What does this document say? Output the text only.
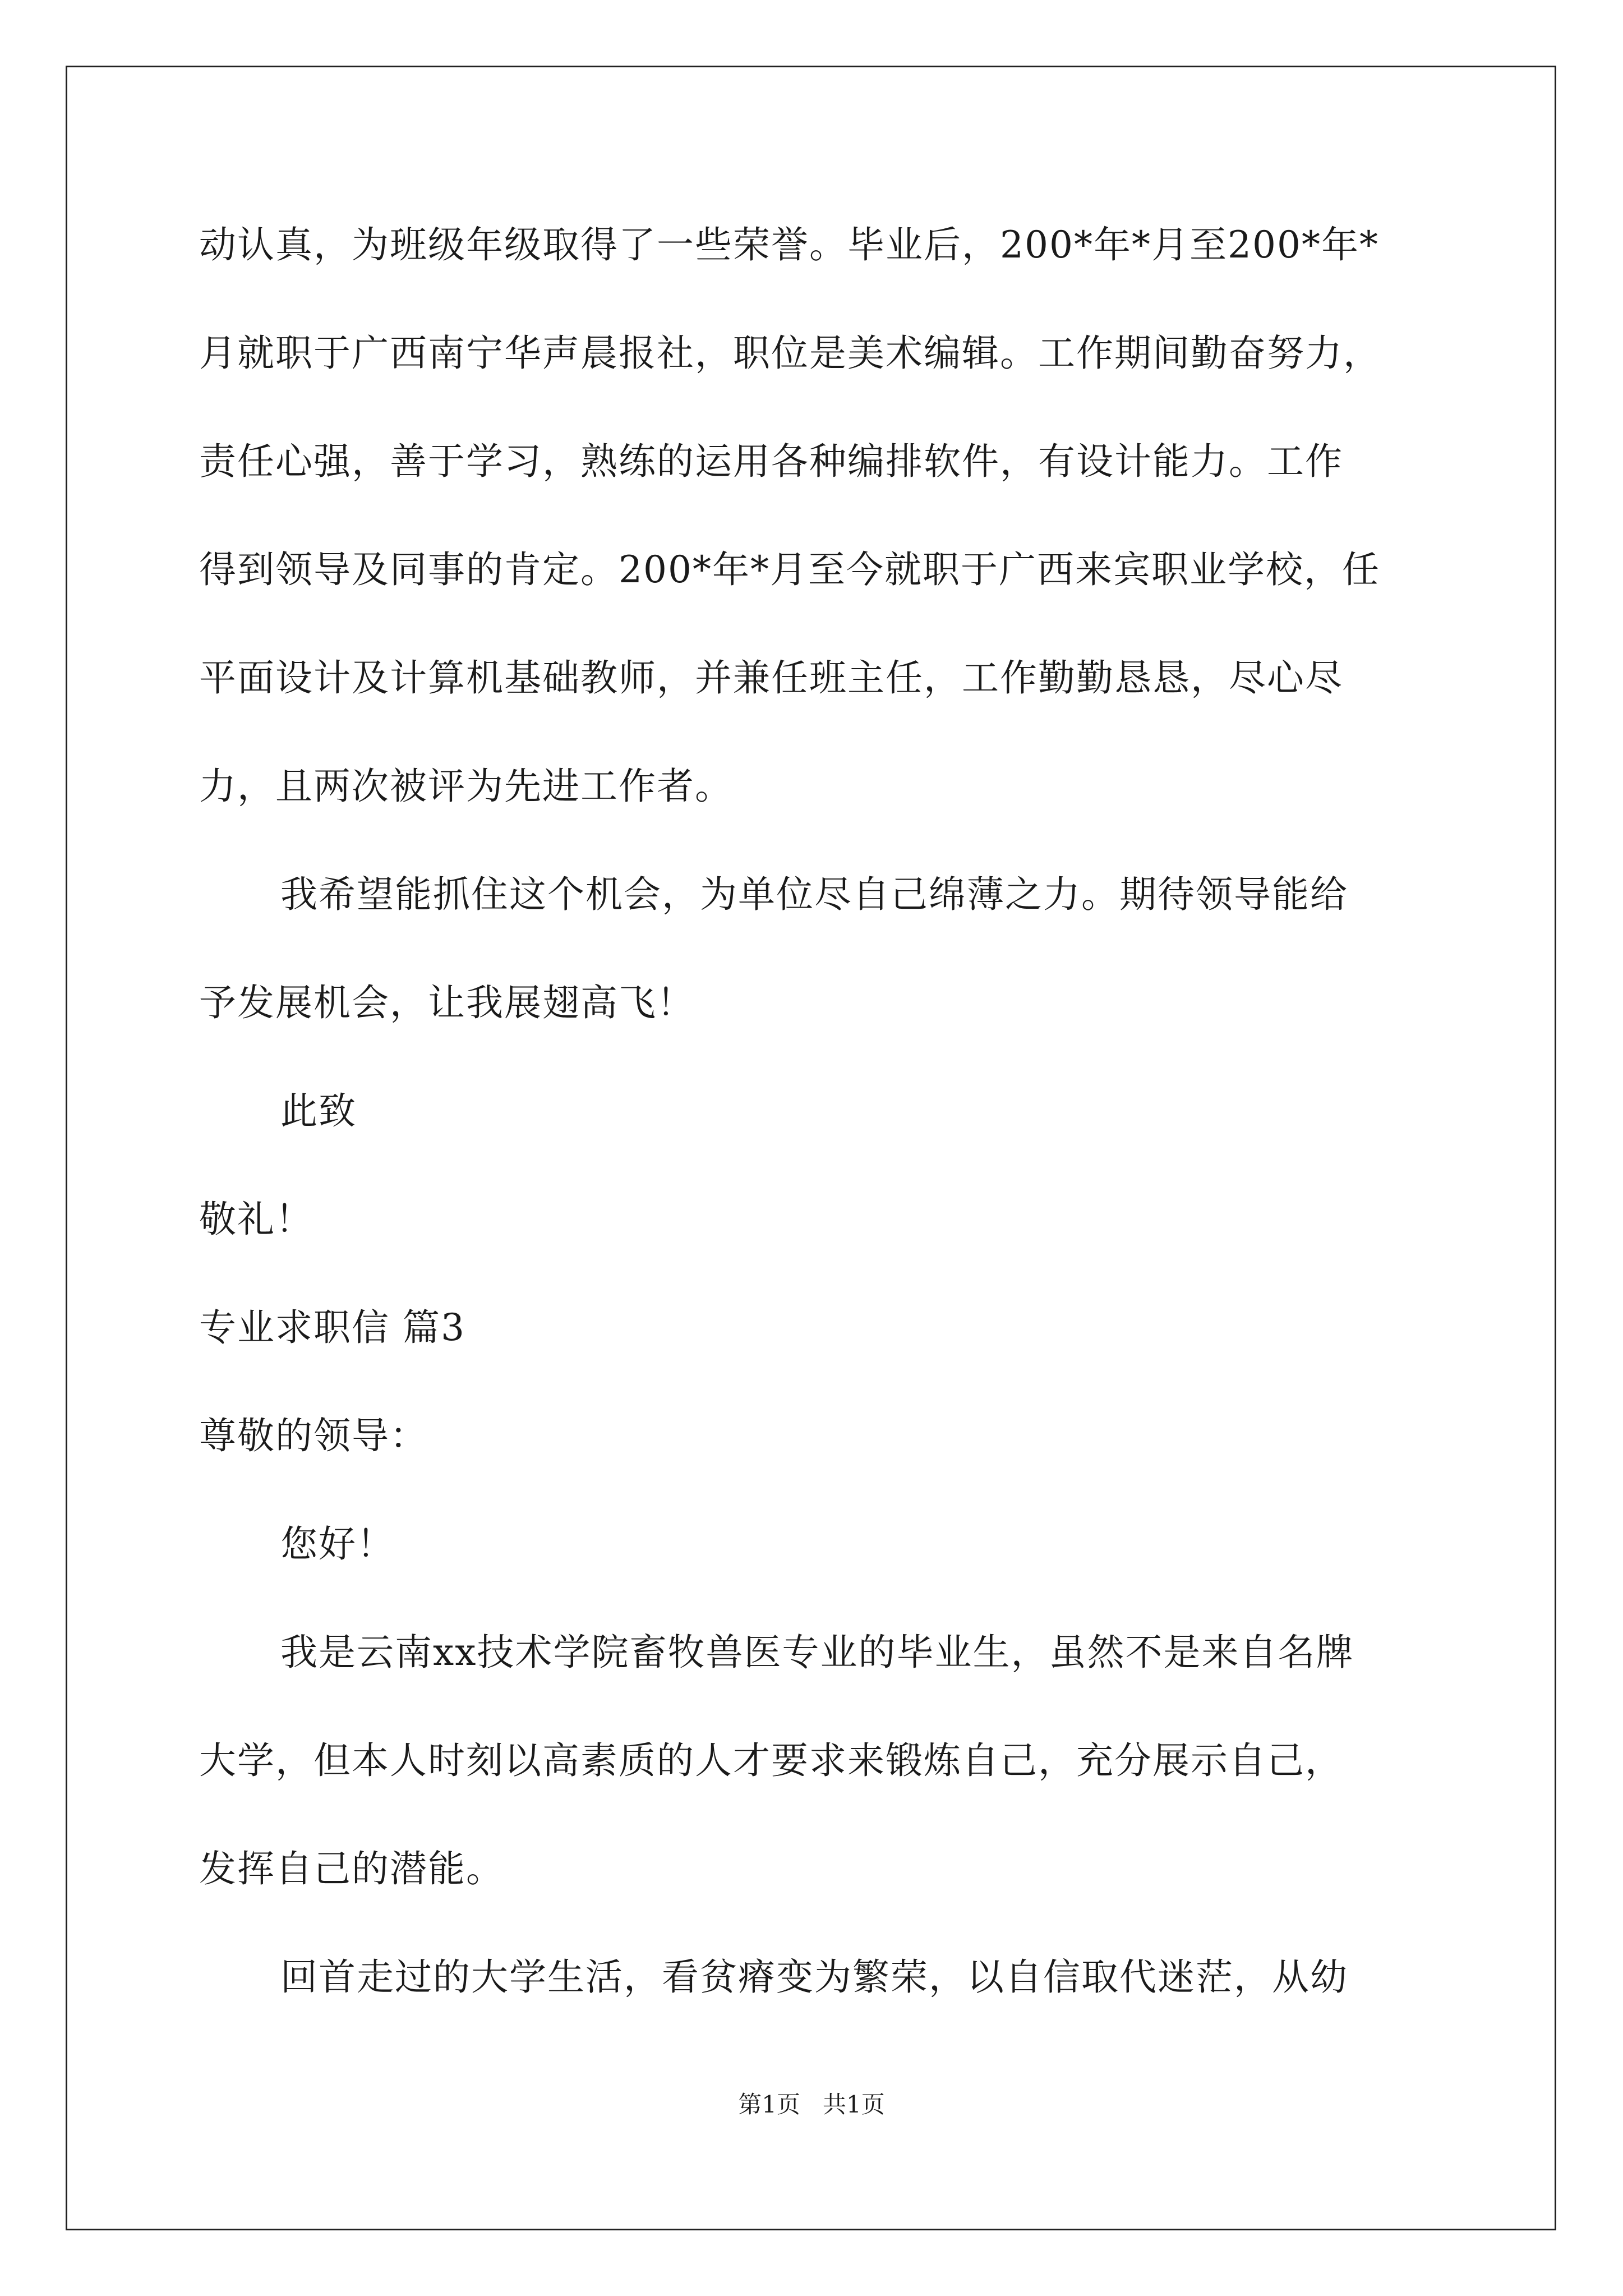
动认真，为班级年级取得了一些荣誉。毕业后，200*年*月至200*年*
月就职于广西南宁华声晨报社，职位是美术编辑。工作期间勤奋努力，
责任心强，善于学习，熟练的运用各种编排软件，有设计能力。工作
得到领导及同事的肯定。200*年*月至今就职于广西来宾职业学校，任
平面设计及计算机基础教师，并兼任班主任，工作勤勤恳恳，尽心尽
力，且两次被评为先进工作者。
我希望能抓住这个机会，为单位尽自己绵薄之力。期待领导能给
予发展机会，让我展翅高飞！
此致
敬礼！
专业求职信 篇3
尊敬的领导：
您好！
我是云南xx技术学院畜牧兽医专业的毕业生，虽然不是来自名牌
大学，但本人时刻以高素质的人才要求来锻炼自己，充分展示自己，
发挥自己的潜能。
回首走过的大学生活，看贫瘠变为繁荣，以自信取代迷茫，从幼
第1页   共1页
